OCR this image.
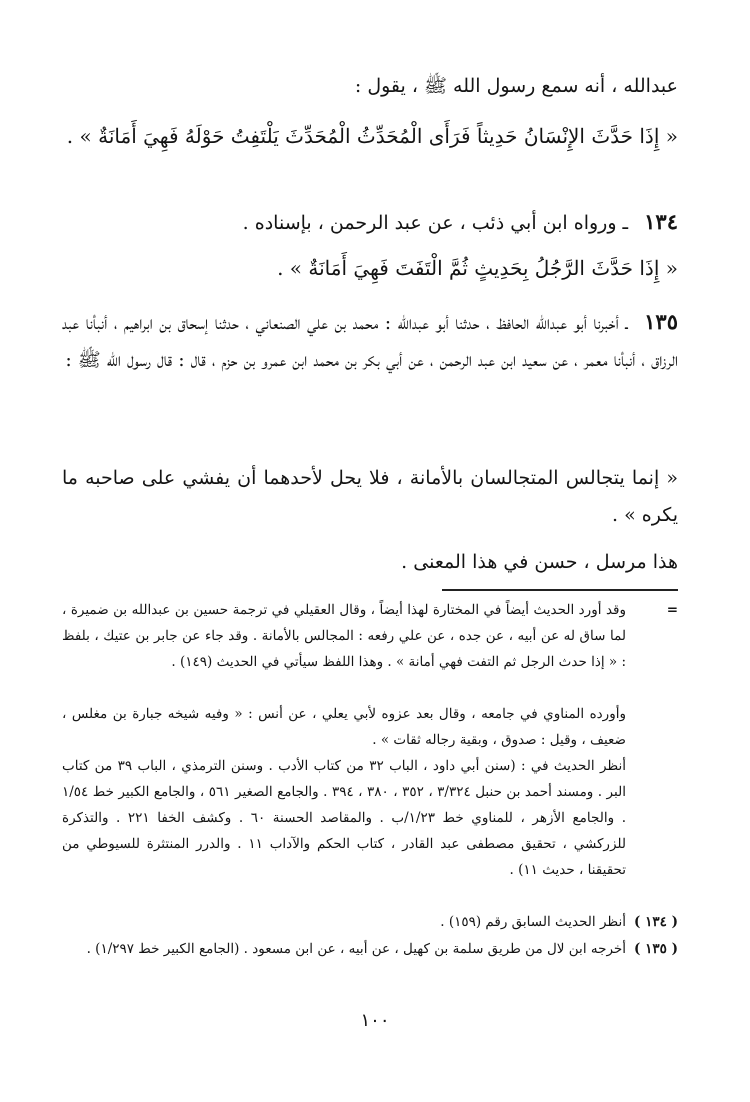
عبدالله ، أنه سمع رسول الله ﷺ ، يقول :

« إِذَا حَدَّثَ الإِنْسَانُ حَدِيثاً فَرَأَى الْمُحَدِّثُ الْمُحَدِّثَ يَلْتَفِتُ حَوْلَهُ فَهِيَ أَمَانَةٌ » .

١٣٤ ـ ورواه ابن أبي ذئب ، عن عبد الرحمن ، بإسناده .

« إِذَا حَدَّثَ الرَّجُلُ بِحَدِيثٍ ثُمَّ الْتَفَتَ فَهِيَ أَمَانَةٌ » .

١٣٥ ـ أخبرنا أبو عبدالله الحافظ ، حدثنا أبو عبدالله : محمد بن علي الصنعاني ، حدثنا إسحاق بن ابراهيم ، أنبأنا عبد الرزاق ، أنبأنا معمر ، عن سعيد ابن عبد الرحمن ، عن أبي بكر بن محمد ابن عمرو بن حزم ، قال : قال رسول الله ﷺ :

« إنما يتجالس المتجالسان بالأمانة ، فلا يحل لأحدهما أن يفشي على صاحبه ما يكره » .

هذا مرسل ، حسن في هذا المعنى .

=
وقد أورد الحديث أيضاً في المختارة لهذا أيضاً ، وقال العقيلي في ترجمة حسين بن عبدالله بن ضميرة ، لما ساق له عن أبيه ، عن جده ، عن علي رفعه : المجالس بالأمانة . وقد جاء عن جابر بن عتيك ، بلفظ : « إذا حدث الرجل ثم التفت فهي أمانة » . وهذا اللفظ سيأتي في الحديث (١٤٩) .
وأورده المناوي في جامعه ، وقال بعد عزوه لأبي يعلي ، عن أنس : « وفيه شيخه جبارة بن مغلس ، ضعيف ، وقيل : صدوق ، وبقية رجاله ثقات » .
أنظر الحديث في : (سنن أبي داود ، الباب ٣٢ من كتاب الأدب . وسنن الترمذي ، الباب ٣٩ من كتاب البر . ومسند أحمد بن حنبل ٣/٣٢٤ ، ٣٥٢ ، ٣٨٠ ، ٣٩٤ . والجامع الصغير ٥٦١ ، والجامع الكبير خط ١/٥٤ . والجامع الأزهر ، للمناوي خط ١/٢٣/ب . والمقاصد الحسنة ٦٠ . وكشف الخفا ٢٢١ . والتذكرة للزركشي ، تحقيق مصطفى عبد القادر ، كتاب الحكم والآداب ١١ . والدرر المنتثرة للسيوطي من تحقيقنا ، حديث ١١) .
( ١٣٤ )
أنظر الحديث السابق رقم (١٥٩) .
( ١٣٥ )
أخرجه ابن لال من طريق سلمة بن كهيل ، عن أبيه ، عن ابن مسعود . (الجامع الكبير خط ١/٢٩٧) .
١٠٠
